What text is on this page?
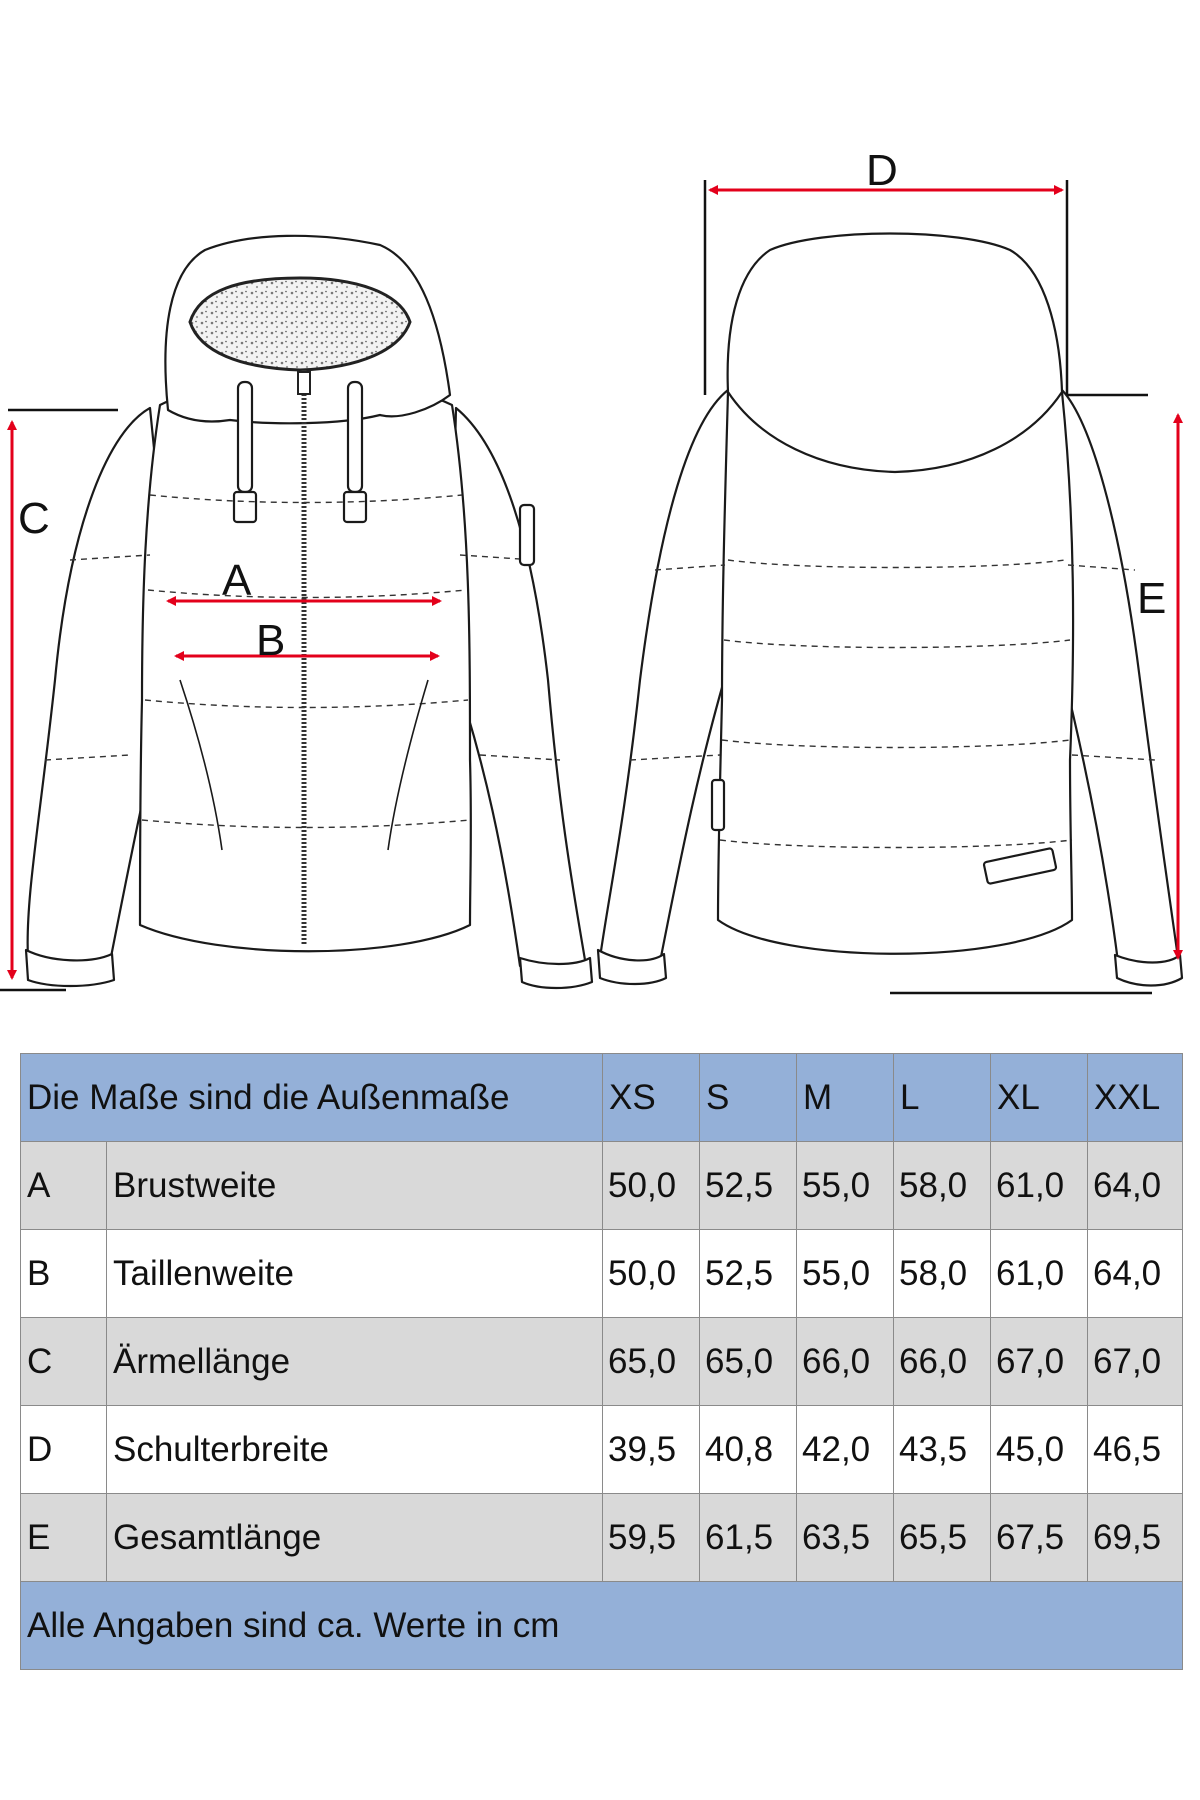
A
B
C
D
E
Die Maße sind die Außenmaße		XS	S	M	L	XL	XXL
A	Brustweite	50,0	52,5	55,0	58,0	61,0	64,0
B	Taillenweite	50,0	52,5	55,0	58,0	61,0	64,0
C	Ärmellänge	65,0	65,0	66,0	66,0	67,0	67,0
D	Schulterbreite	39,5	40,8	42,0	43,5	45,0	46,5
E	Gesamtlänge	59,5	61,5	63,5	65,5	67,5	69,5
Alle Angaben sind ca. Werte in cm							
